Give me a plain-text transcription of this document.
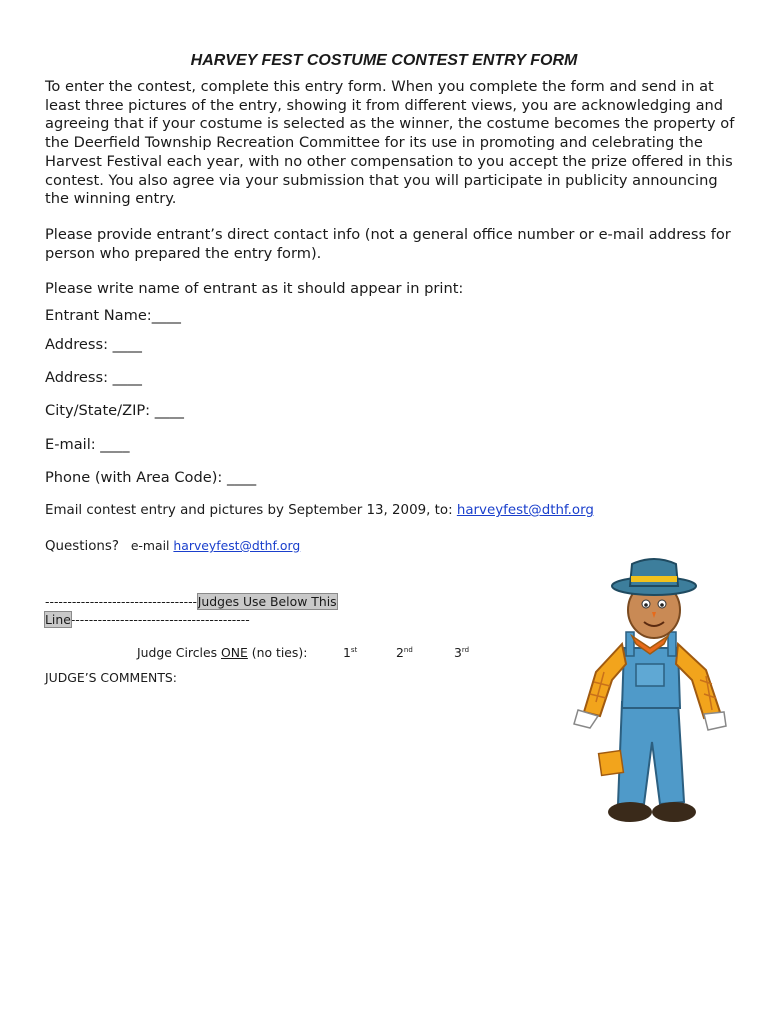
HARVEY FEST COSTUME CONTEST ENTRY FORM

To enter the contest, complete this entry form. When you complete the form and send in at least three pictures of the entry, showing it from different views, you are acknowledging and agreeing that if your costume is selected as the winner, the costume becomes the property of the Deerfield Township Recreation Committee for its use in promoting and celebrating the Harvest Festival each year, with no other compensation to you accept the prize offered in this contest. You also agree via your submission that you will participate in publicity announcing the winning entry.

Please provide entrant’s direct contact info (not a general office number or e-mail address for person who prepared the entry form).

Please write name of entrant as it should appear in print:

Entrant Name:____
Address: ____
Address: ____
City/State/ZIP: ____
E-mail: ____
Phone (with Area Code): ____
Email contest entry and pictures by September 13, 2009, to: harveyfest@dthf.org
Questions? e-mail harveyfest@dthf.org
----------------------------------Judges Use Below This
Line----------------------------------------
Judge Circles ONE (no ties):	1st	2nd	3rd
JUDGE’S COMMENTS:
